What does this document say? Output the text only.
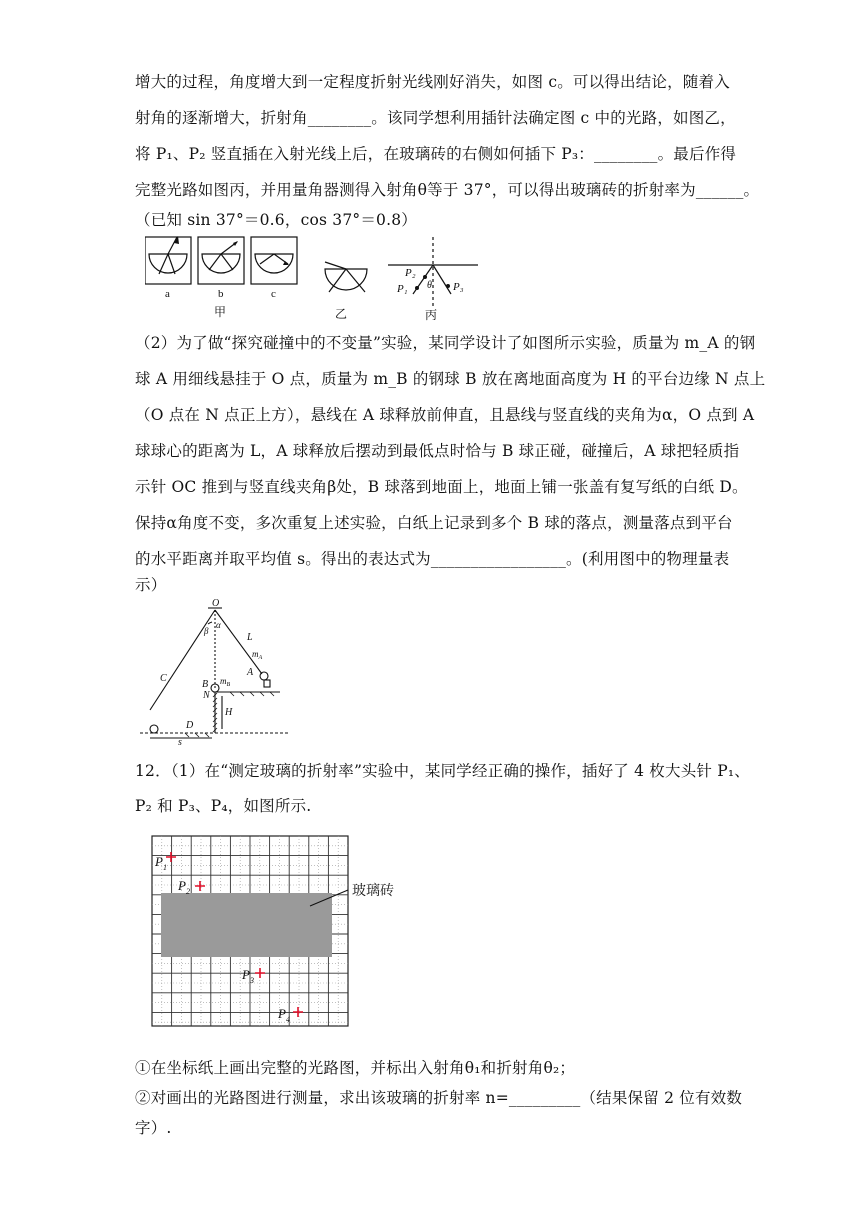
增大的过程，角度增大到一定程度折射光线刚好消失，如图 c。可以得出结论，随着入
射角的逐渐增大，折射角________。该同学想利用插针法确定图 c 中的光路，如图乙，
将 P₁、P₂ 竖直插在入射光线上后，在玻璃砖的右侧如何插下 P₃：________。最后作得
完整光路如图丙，并用量角器测得入射角θ等于 37°，可以得出玻璃砖的折射率为______。
（已知 sin 37°＝0.6，cos 37°＝0.8）
a	b	c
甲	乙	丙
P₂
P₁ θ P₃
（2）为了做“探究碰撞中的不变量”实验，某同学设计了如图所示实验，质量为 m_A 的钢
球 A 用细线悬挂于 O 点，质量为 m_B 的钢球 B 放在离地面高度为 H 的平台边缘 N 点上
（O 点在 N 点正上方），悬线在 A 球释放前伸直，且悬线与竖直线的夹角为α，O 点到 A
球球心的距离为 L，A 球释放后摆动到最低点时恰与 B 球正碰，碰撞后，A 球把轻质指
示针 OC 推到与竖直线夹角β处，B 球落到地面上，地面上铺一张盖有复写纸的白纸 D。
保持α角度不变，多次重复上述实验，白纸上记录到多个 B 球的落点，测量落点到平台
的水平距离并取平均值 s。得出的表达式为_________________。(利用图中的物理量表
示）
O
α
β
L
$m_A$
A
B $m_B$
N
C
H
D
s
12．（1）在“测定玻璃的折射率”实验中，某同学经正确的操作，插好了 4 枚大头针 P₁、
P₂ 和 P₃、P₄，如图所示.
玻璃砖
$P_1$
$P_2$
$P_3$
$P_4$
①在坐标纸上画出完整的光路图，并标出入射角θ₁和折射角θ₂；
②对画出的光路图进行测量，求出该玻璃的折射率 n=_________（结果保留 2 位有效数
字）.
